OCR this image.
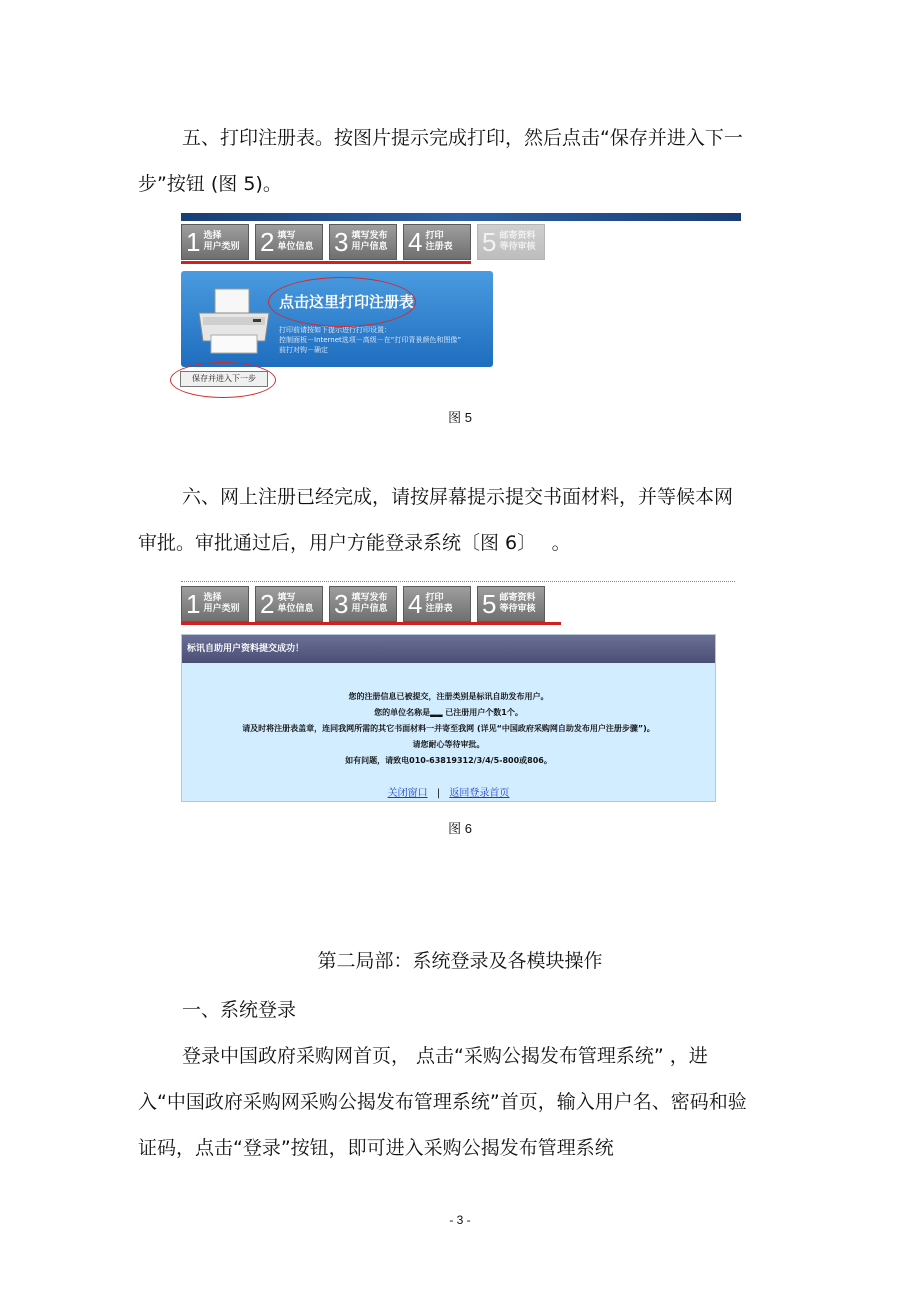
五、打印注册表。按图片提示完成打印，然后点击“保存并进入下一步”按钮 (图 5)。
1 选择
用户类别 2 填写
单位信息 3 填写发布
用户信息 4 打印
注册表 5 邮寄资料
等待审核
点击这里打印注册表
打印前请按如下提示进行打印设置：
控制面板－Internet选项－高级－在“打印背景颜色和图像”
前打对钩－确定
保存并进入下一步
图 5
六、网上注册已经完成，请按屏幕提示提交书面材料，并等候本网审批。审批通过后，用户方能登录系统〔图 6〕　 。
1 选择
用户类别 2 填写
单位信息 3 填写发布
用户信息 4 打印
注册表 5 邮寄资料
等待审核
标讯自助用户资料提交成功！
您的注册信息已被提交，注册类别是标讯自助发布用户。
您的单位名称是▂▂ 已注册用户个数1个。
请及时将注册表盖章，连同我网所需的其它书面材料一并寄至我网 (详见“中国政府采购网自助发布用户注册步骤”)。
请您耐心等待审批。
如有问题，请致电010-63819312/3/4/5-800或806。
关闭窗口 | 返回登录首页
图 6
第二局部：系统登录及各模块操作
一、系统登录
登录中国政府采购网首页， 点击“采购公揭发布管理系统” ，进入“中国政府采购网采购公揭发布管理系统”首页，输入用户名、密码和验证码，点击“登录”按钮，即可进入采购公揭发布管理系统
- 3 -
